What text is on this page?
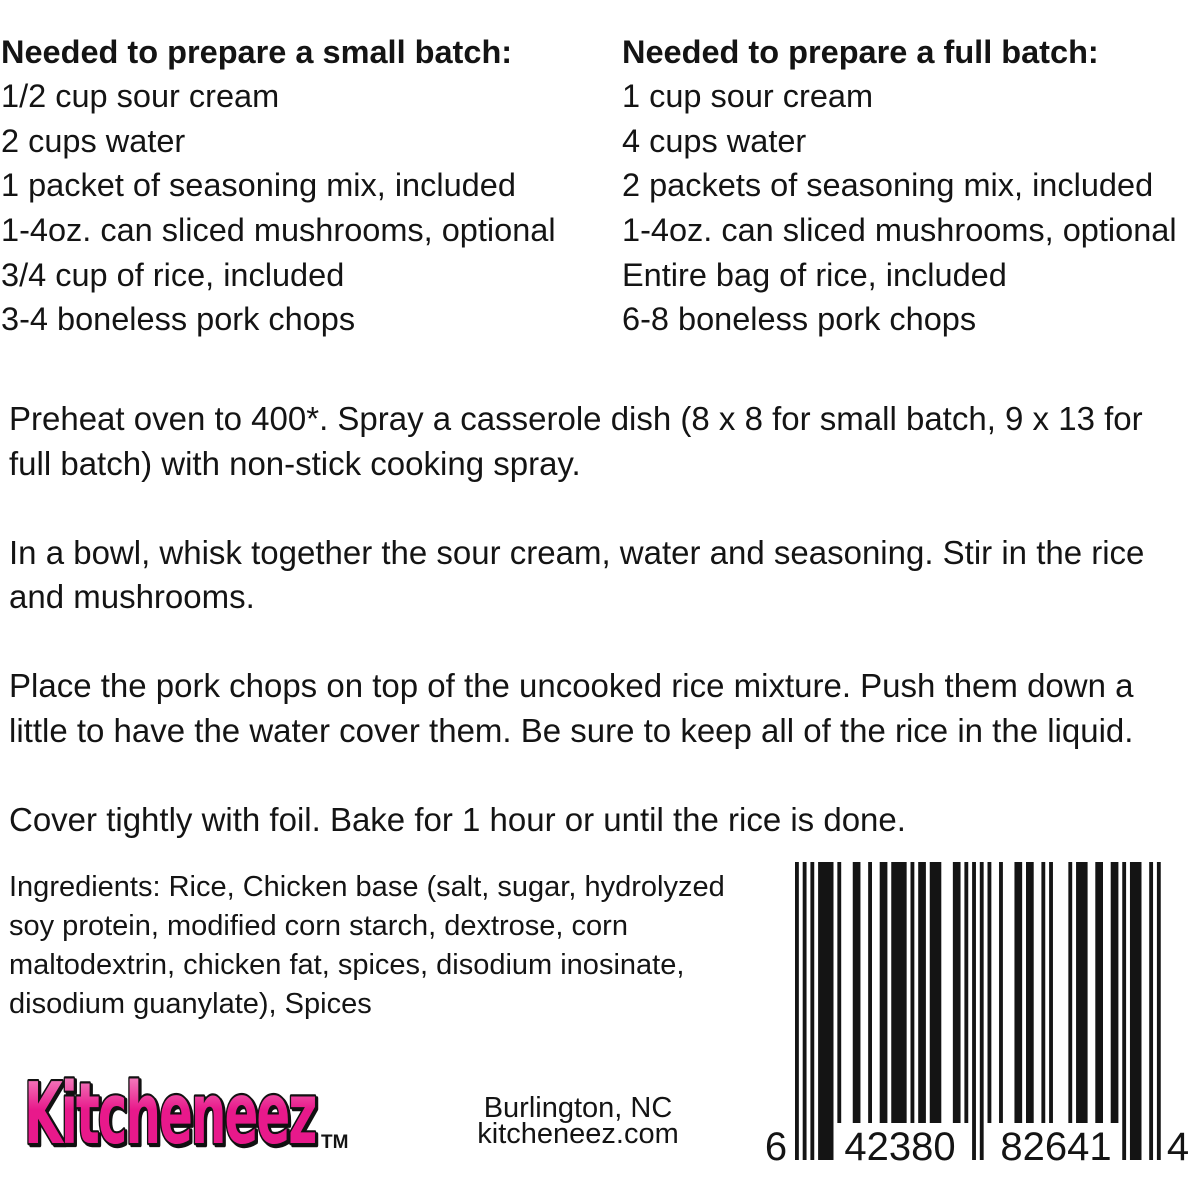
Needed to prepare a small batch:
1/2 cup sour cream
2 cups water
1 packet of seasoning mix, included
1-4oz. can sliced mushrooms, optional
3/4 cup of rice, included
3-4 boneless pork chops
Needed to prepare a full batch:
1 cup sour cream
4 cups water
2 packets of seasoning mix, included
1-4oz. can sliced mushrooms, optional
Entire bag of rice, included
6-8 boneless pork chops

Preheat oven to 400*. Spray a casserole dish (8 x 8 for small batch, 9 x 13 for
full batch) with non-stick cooking spray.

In a bowl, whisk together the sour cream, water and seasoning. Stir in the rice
and mushrooms.

Place the pork chops on top of the uncooked rice mixture. Push them down a
little to have the water cover them. Be sure to keep all of the rice in the liquid.

Cover tightly with foil. Bake for 1 hour or until the rice is done.

Ingredients: Rice, Chicken base (salt, sugar, hydrolyzed
soy protein, modified corn starch, dextrose, corn
maltodextrin, chicken fat, spices, disodium inosinate,
disodium guanylate), Spices
Kitcheneez TM
Burlington, NC
kitcheneez.com	6	42380	82641	4
